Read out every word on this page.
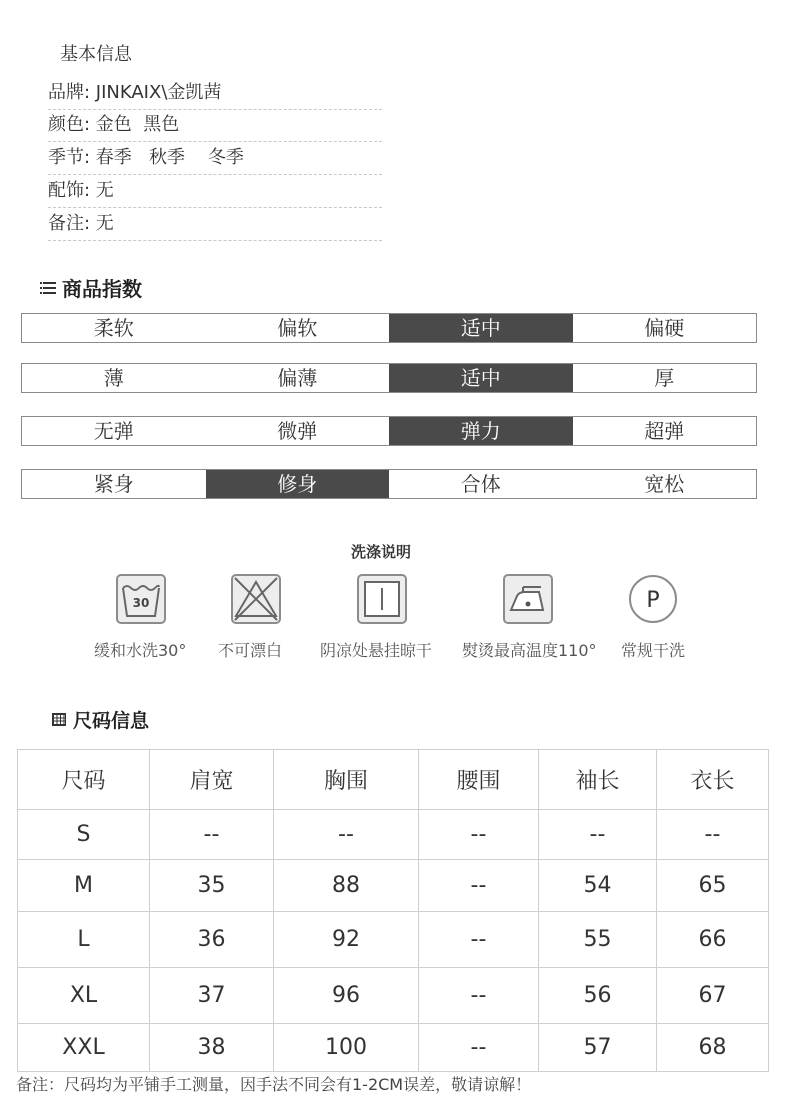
基本信息
品牌: JINKAIX\金凯茜
颜色: 金色  黑色
季节: 春季   秋季    冬季
配饰: 无
备注: 无
商品指数
柔软	偏软	适中	偏硬
薄	偏薄	适中	厚
无弹	微弹	弹力	超弹
紧身	修身	合体	宽松
洗涤说明
30	P
缓和水洗30° 不可漂白 阴凉处悬挂晾干 熨烫最高温度110° 常规干洗
尺码信息
尺码	肩宽	胸围	腰围	袖长	衣长
S	--	--	--	--	--
M	35	88	--	54	65
L	36	92	--	55	66
XL	37	96	--	56	67
XXL	38	100	--	57	68
备注：尺码均为平铺手工测量，因手法不同会有1-2CM误差，敬请谅解！
